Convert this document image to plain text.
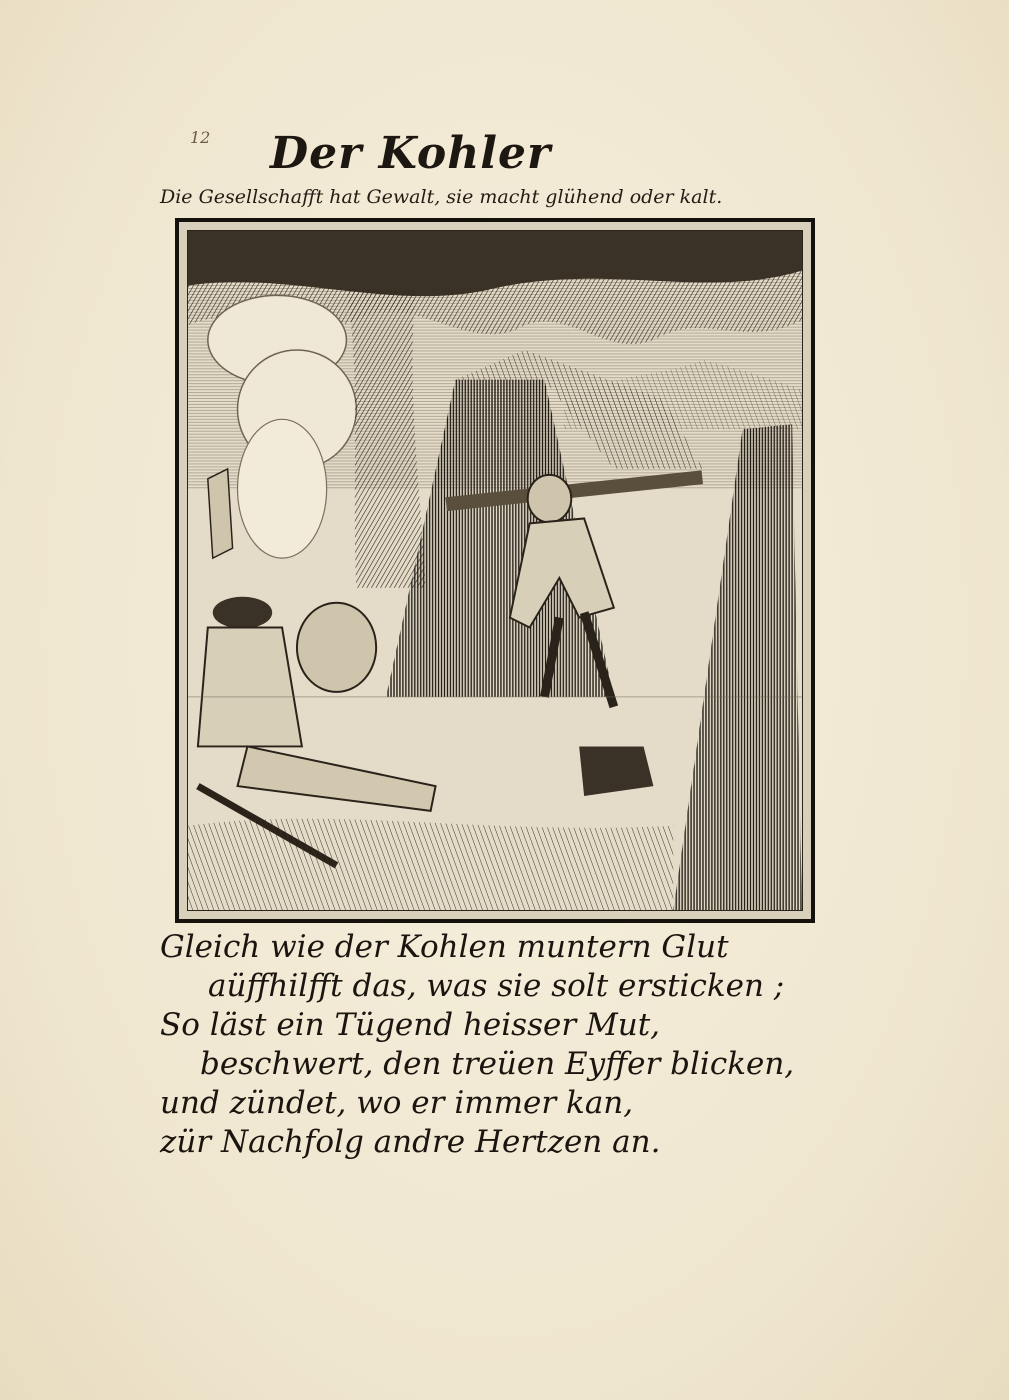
12 Der Kohler
Die Gesellschafft hat Gewalt, sie macht glühend oder kalt.
Gleich wie der Kohlen muntern Glut
aüffhilfft das, was sie solt ersticken ;
So läst ein Tügend heisser Mut,
beschwert, den treüen Eyffer blicken,
und zündet, wo er immer kan,
zür Nachfolg andre Hertzen an.
